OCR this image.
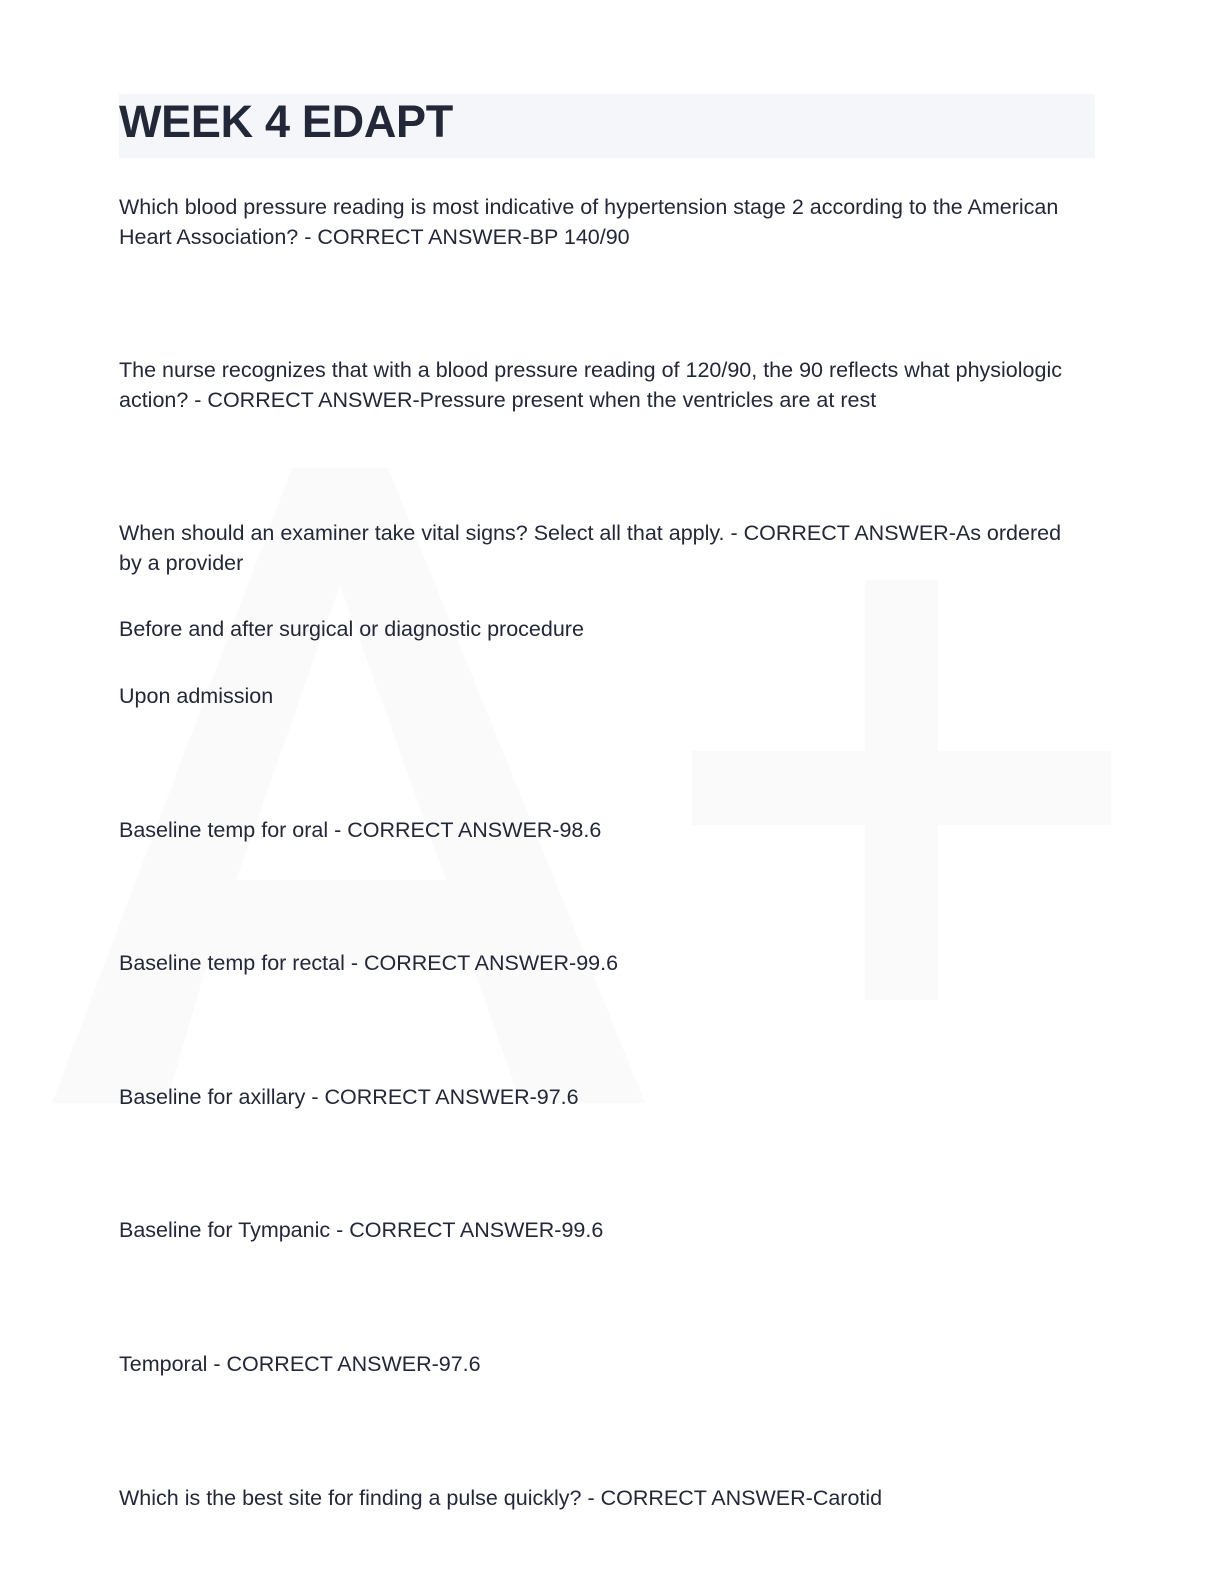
WEEK 4 EDAPT

Which blood pressure reading is most indicative of hypertension stage 2 according to the American Heart Association? - CORRECT ANSWER-BP 140/90

The nurse recognizes that with a blood pressure reading of 120/90, the 90 reflects what physiologic action? - CORRECT ANSWER-Pressure present when the ventricles are at rest

When should an examiner take vital signs? Select all that apply. - CORRECT ANSWER-As ordered by a provider

Before and after surgical or diagnostic procedure

Upon admission

Baseline temp for oral - CORRECT ANSWER-98.6

Baseline temp for rectal - CORRECT ANSWER-99.6

Baseline for axillary - CORRECT ANSWER-97.6

Baseline for Tympanic - CORRECT ANSWER-99.6

Temporal - CORRECT ANSWER-97.6

Which is the best site for finding a pulse quickly? - CORRECT ANSWER-Carotid
